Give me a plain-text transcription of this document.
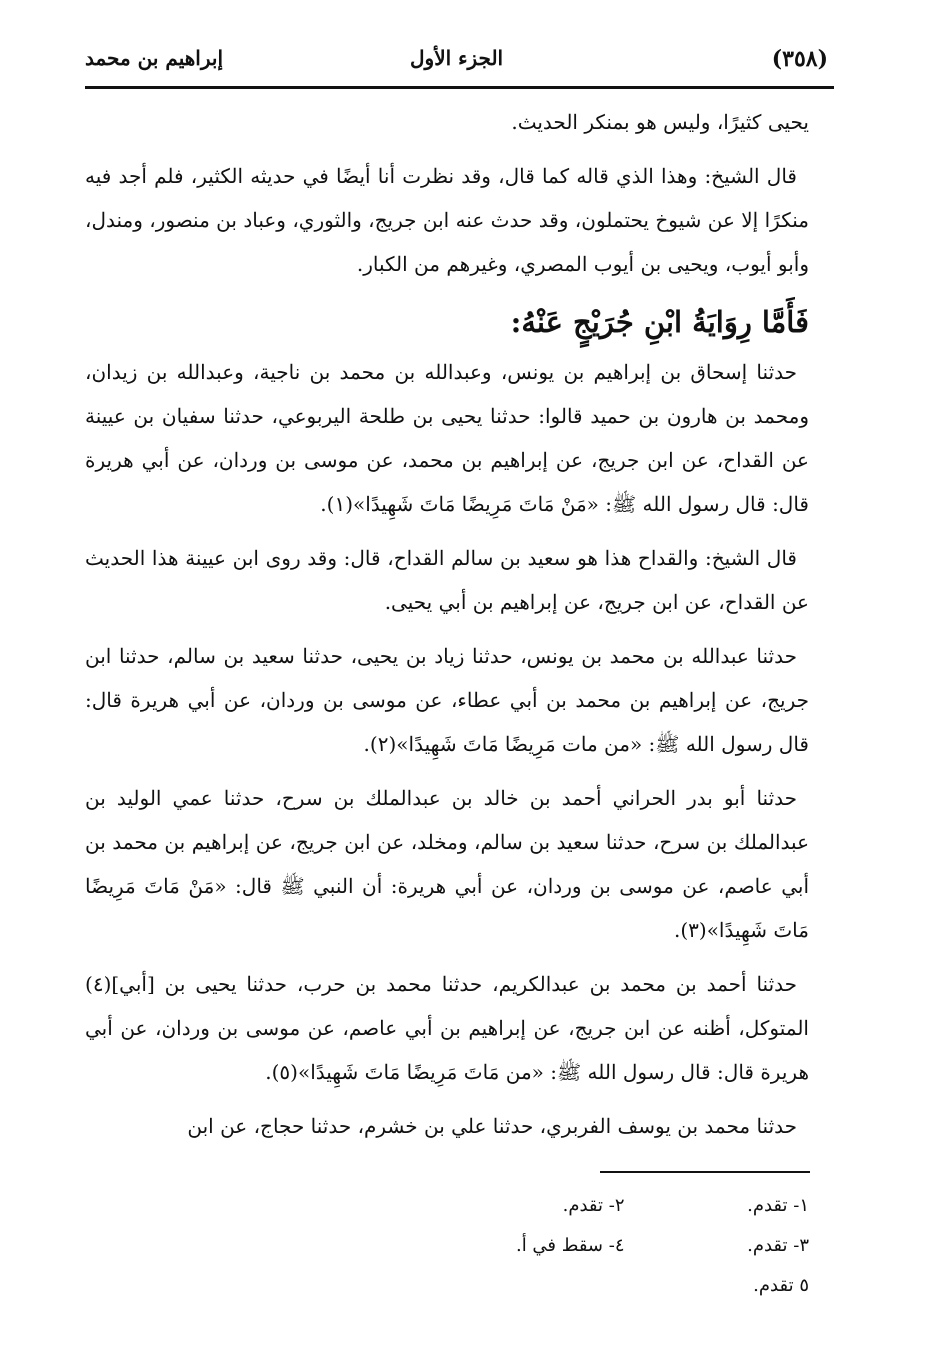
(٣٥٨)
الجزء الأول
إبراهيم بن محمد

يحيى كثيرًا، وليس هو بمنكر الحديث.

قال الشيخ: وهذا الذي قاله كما قال، وقد نظرت أنا أيضًا في حديثه الكثير، فلم أجد فيه منكرًا إلا عن شيوخ يحتملون، وقد حدث عنه ابن جريج، والثوري، وعباد بن منصور، ومندل، وأبو أيوب، ويحيى بن أيوب المصري، وغيرهم من الكبار.

فَأَمَّا رِوَايَةُ ابْنِ جُرَيْجٍ عَنْهُ:

حدثنا إسحاق بن إبراهيم بن يونس، وعبدالله بن محمد بن ناجية، وعبدالله بن زيدان، ومحمد بن هارون بن حميد قالوا: حدثنا يحيى بن طلحة اليربوعي، حدثنا سفيان بن عيينة عن القداح، عن ابن جريج، عن إبراهيم بن محمد، عن موسى بن وردان، عن أبي هريرة قال: قال رسول الله ﷺ: «مَنْ مَاتَ مَرِيضًا مَاتَ شَهِيدًا»(١).

قال الشيخ: والقداح هذا هو سعيد بن سالم القداح، قال: وقد روى ابن عيينة هذا الحديث عن القداح، عن ابن جريج، عن إبراهيم بن أبي يحيى.

حدثنا عبدالله بن محمد بن يونس، حدثنا زياد بن يحيى، حدثنا سعيد بن سالم، حدثنا ابن جريج، عن إبراهيم بن محمد بن أبي عطاء، عن موسى بن وردان، عن أبي هريرة قال: قال رسول الله ﷺ: «من مات مَرِيضًا مَاتَ شَهِيدًا»(٢).

حدثنا أبو بدر الحراني أحمد بن خالد بن عبدالملك بن سرح، حدثنا عمي الوليد بن عبدالملك بن سرح، حدثنا سعيد بن سالم، ومخلد، عن ابن جريج، عن إبراهيم بن محمد بن أبي عاصم، عن موسى بن وردان، عن أبي هريرة: أن النبي ﷺ قال: «مَنْ مَاتَ مَرِيضًا مَاتَ شَهِيدًا»(٣).

حدثنا أحمد بن محمد بن عبدالكريم، حدثنا محمد بن حرب، حدثنا يحيى بن [أبي](٤) المتوكل، أظنه عن ابن جريج، عن إبراهيم بن أبي عاصم، عن موسى بن وردان، عن أبي هريرة قال: قال رسول الله ﷺ: «من مَاتَ مَرِيضًا مَاتَ شَهِيدًا»(٥).

حدثنا محمد بن يوسف الفربري، حدثنا علي بن خشرم، حدثنا حجاج، عن ابن

١- تقدم.
٢- تقدم.
٣- تقدم.
٤- سقط في أ.
٥ تقدم.
